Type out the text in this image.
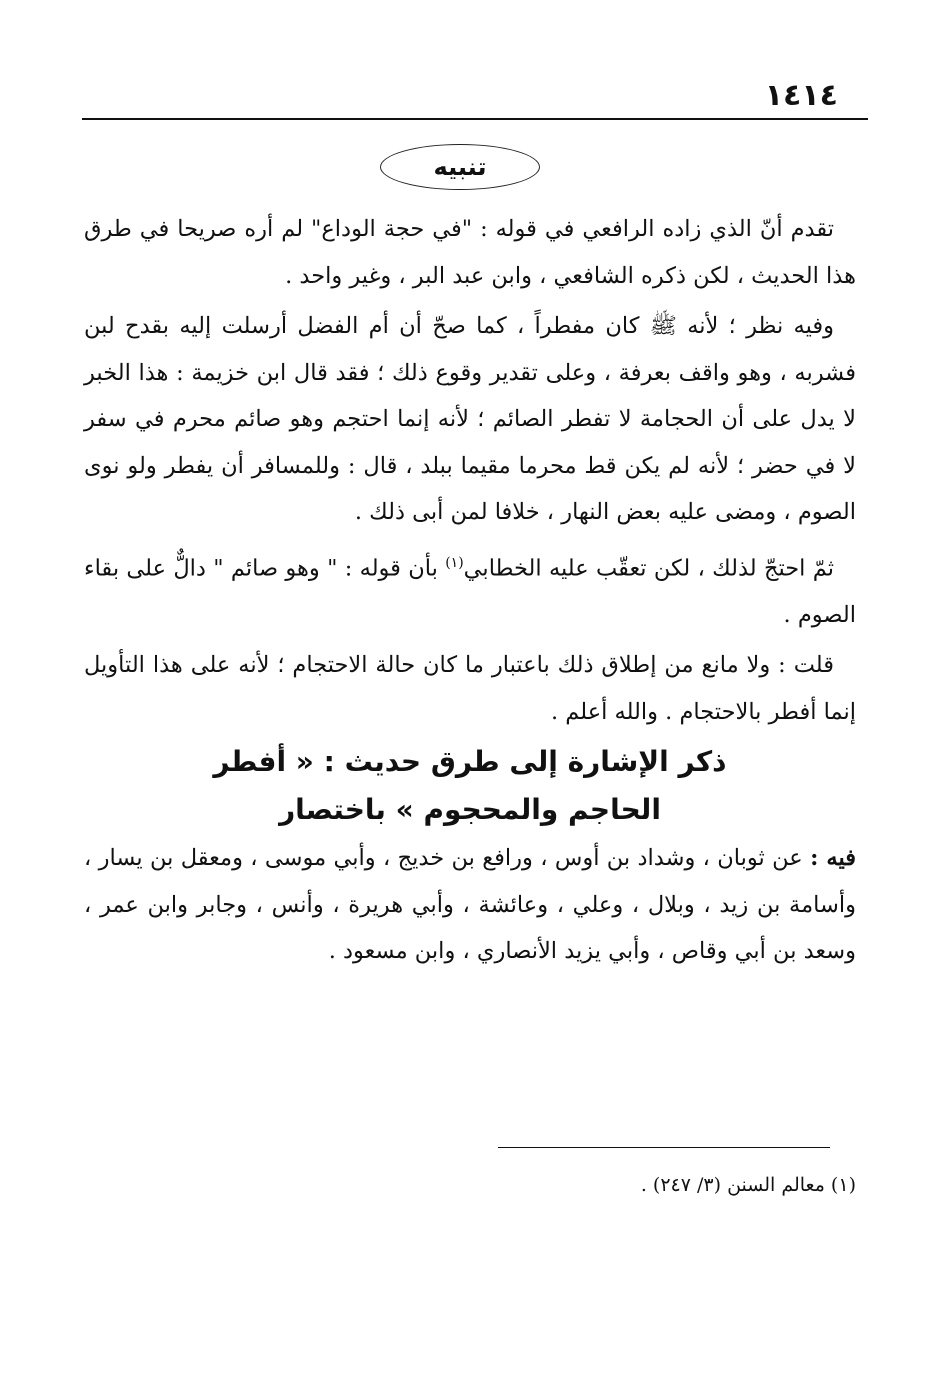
١٤١٤
تنبيه

تقدم أنّ الذي زاده الرافعي في قوله : "في حجة الوداع" لم أره صريحا في طرق هذا الحديث ، لكن ذكره الشافعي ، وابن عبد البر ، وغير واحد .

وفيه نظر ؛ لأنه ﷺ كان مفطراً ، كما صحّ أن أم الفضل أرسلت إليه بقدح لبن فشربه ، وهو واقف بعرفة ، وعلى تقدير وقوع ذلك ؛ فقد قال ابن خزيمة : هذا الخبر لا يدل على أن الحجامة لا تفطر الصائم ؛ لأنه إنما احتجم وهو صائم محرم في سفر لا في حضر ؛ لأنه لم يكن قط محرما مقيما ببلد ، قال : وللمسافر أن يفطر ولو نوى الصوم ، ومضى عليه بعض النهار ، خلافا لمن أبى ذلك .

ثمّ احتجّ لذلك ، لكن تعقّب عليه الخطابي$^{(١)}$ بأن قوله : " وهو صائم " دالٌّ على بقاء الصوم .

قلت : ولا مانع من إطلاق ذلك باعتبار ما كان حالة الاحتجام ؛ لأنه على هذا التأويل إنما أفطر بالاحتجام . والله أعلم .

ذكر الإشارة إلى طرق حديث : « أفطر
الحاجم والمحجوم » باختصار

فيه : عن ثوبان ، وشداد بن أوس ، ورافع بن خديج ، وأبي موسى ، ومعقل بن يسار ، وأسامة بن زيد ، وبلال ، وعلي ، وعائشة ، وأبي هريرة ، وأنس ، وجابر وابن عمر ، وسعد بن أبي وقاص ، وأبي يزيد الأنصاري ، وابن مسعود .

(١) معالم السنن (٣/ ٢٤٧) .
